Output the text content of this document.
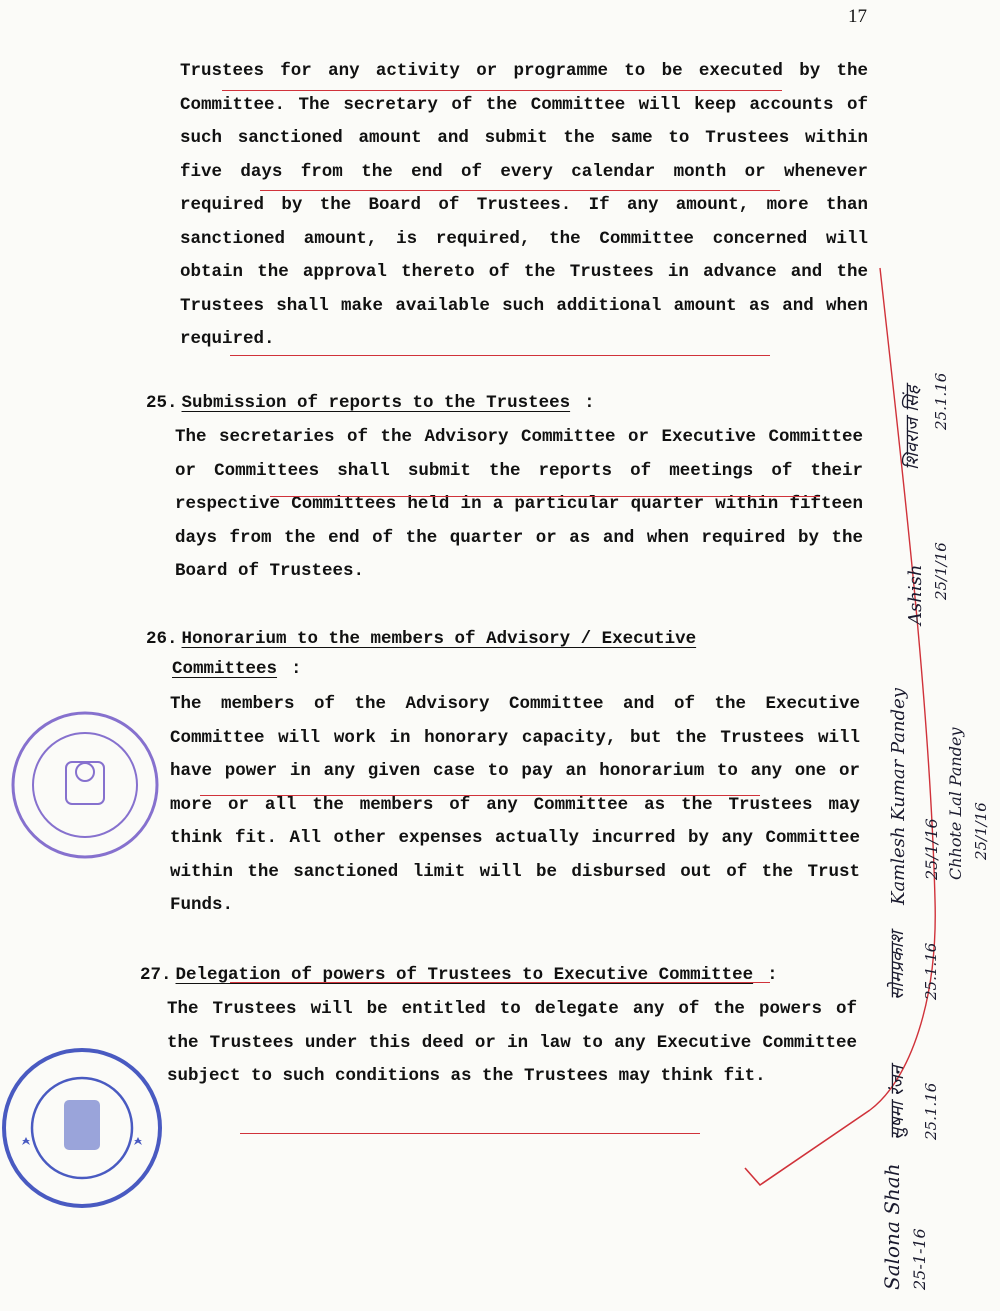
17
Trustees for any activity or programme to be executed by the Committee. The secretary of the Committee will keep accounts of such sanctioned amount and submit the same to Trustees within five days from the end of every calendar month or whenever required by the Board of Trustees. If any amount, more than sanctioned amount, is required, the Committee concerned will obtain the approval thereto of the Trustees in advance and the Trustees shall make available such additional amount as and when required.
25. Submission of reports to the Trustees :
The secretaries of the Advisory Committee or Executive Committee or Committees shall submit the reports of meetings of their respective Committees held in a particular quarter within fifteen days from the end of the quarter or as and when required by the Board of Trustees.
26. Honorarium to the members of Advisory / Executive
Committees :
The members of the Advisory Committee and of the Executive Committee will work in honorary capacity, but the Trustees will have power in any given case to pay an honorarium to any one or more or all the members of any Committee as the Trustees may think fit. All other expenses actually incurred by any Committee within the sanctioned limit will be disbursed out of the Trust Funds.
27. Delegation of powers of Trustees to Executive Committee :
The Trustees will be entitled to delegate any of the powers of the Trustees under this deed or in law to any Executive Committee subject to such conditions as the Trustees may think fit.
Salona Shah 25-1-16
सुषमा रंजन 25.1.16
सोमप्रकाश 25.1.16
Kamlesh Kumar Pandey 25/1/16 Chhote Lal Pandey 25/1/16
Ashish 25/1/16
शिवराज सिंह 25.1.16
